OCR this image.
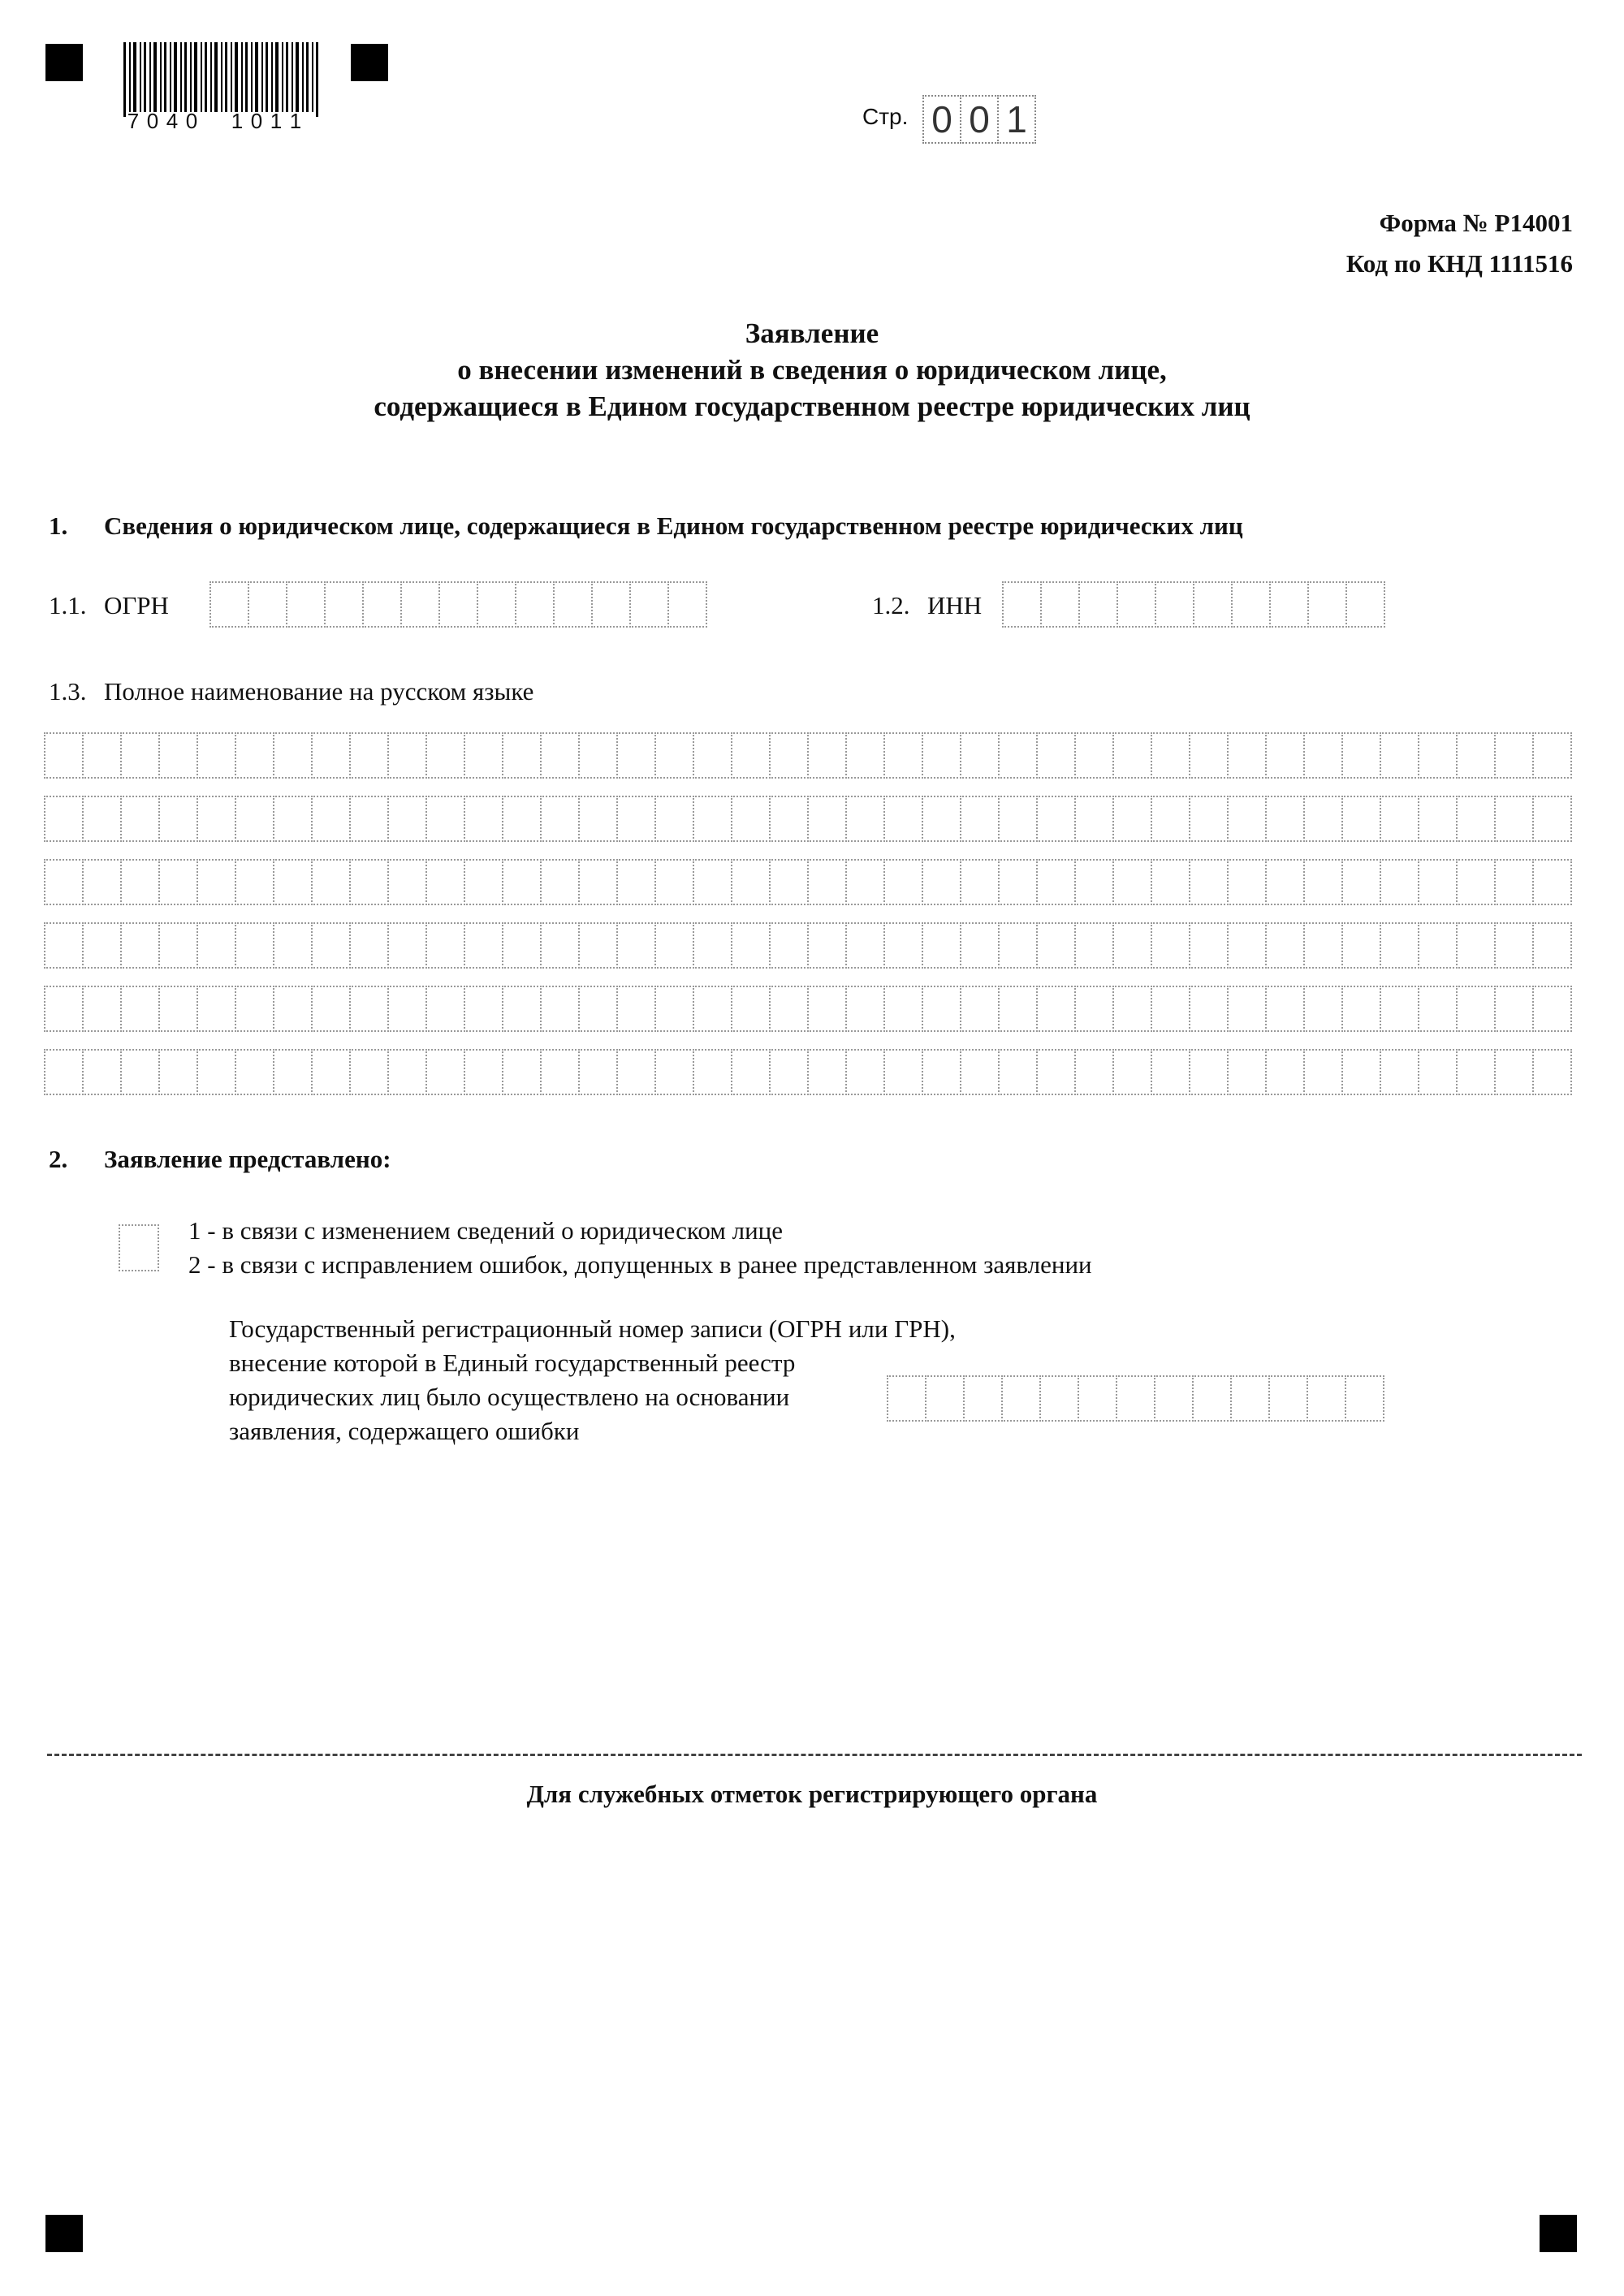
7 0 4 0 1 0 1 1	Стр. 0 0 1
Форма № Р14001
Код по КНД 1111516
Заявление
о внесении изменений в сведения о юридическом лице,
содержащиеся в Едином государственном реестре юридических лиц
1. Сведения о юридическом лице, содержащиеся в Едином государственном реестре юридических лиц
1.1. ОГРН	1.2. ИНН
1.3. Полное наименование на русском языке
2. Заявление представлено:
1 - в связи с изменением сведений о юридическом лице
2 - в связи с исправлением ошибок, допущенных в ранее представленном заявлении
Государственный регистрационный номер записи (ОГРН или ГРН),
внесение которой в Единый государственный реестр
юридических лиц было осуществлено на основании
заявления, содержащего ошибки
Для служебных отметок регистрирующего органа
